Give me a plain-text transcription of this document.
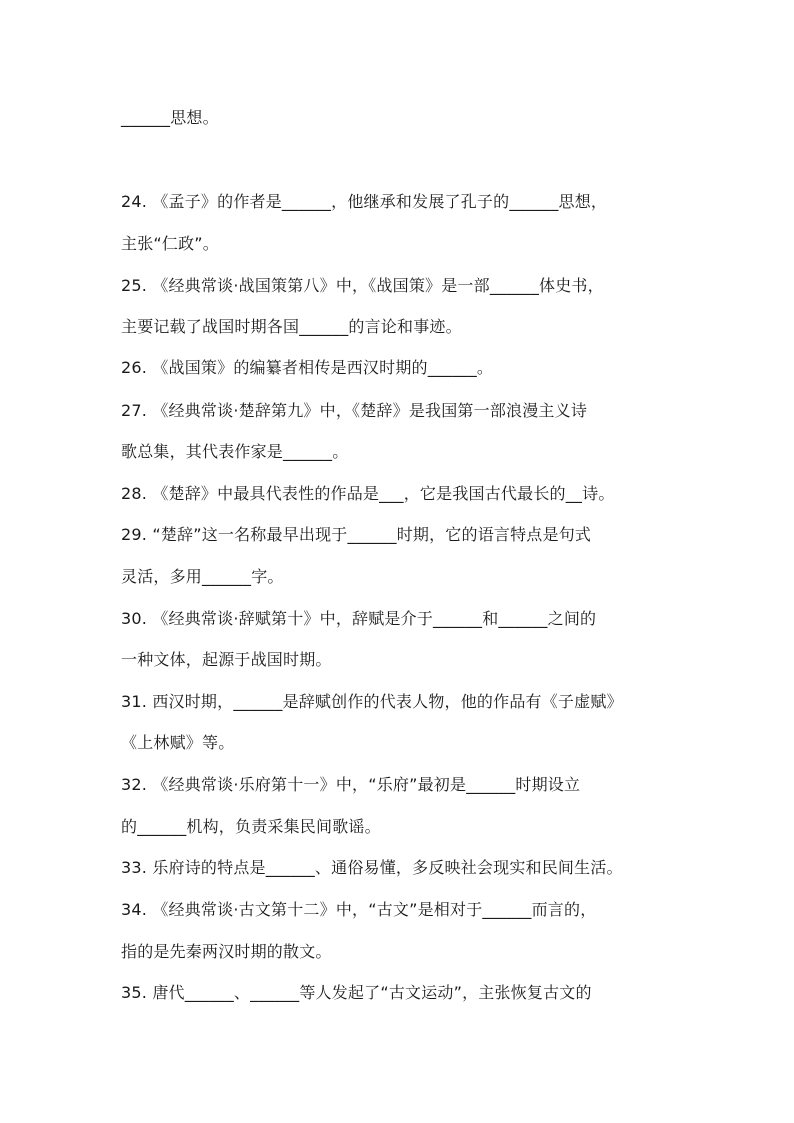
______思想。
24. 《孟子》的作者是______，他继承和发展了孔子的______思想，
主张“仁政”。
25. 《经典常谈·战国策第八》中，《战国策》是一部______体史书，
主要记载了战国时期各国______的言论和事迹。
26. 《战国策》的编纂者相传是西汉时期的______。
27. 《经典常谈·楚辞第九》中，《楚辞》是我国第一部浪漫主义诗
歌总集，其代表作家是______。
28. 《楚辞》中最具代表性的作品是___，它是我国古代最长的__诗。
29. “楚辞”这一名称最早出现于______时期，它的语言特点是句式
灵活，多用______字。
30. 《经典常谈·辞赋第十》中，辞赋是介于______和______之间的
一种文体，起源于战国时期。
31. 西汉时期，______是辞赋创作的代表人物，他的作品有《子虚赋》
《上林赋》等。
32. 《经典常谈·乐府第十一》中，“乐府”最初是______时期设立
的______机构，负责采集民间歌谣。
33. 乐府诗的特点是______、通俗易懂，多反映社会现实和民间生活。
34. 《经典常谈·古文第十二》中，“古文”是相对于______而言的，
指的是先秦两汉时期的散文。
35. 唐代______、______等人发起了“古文运动”，主张恢复古文的
